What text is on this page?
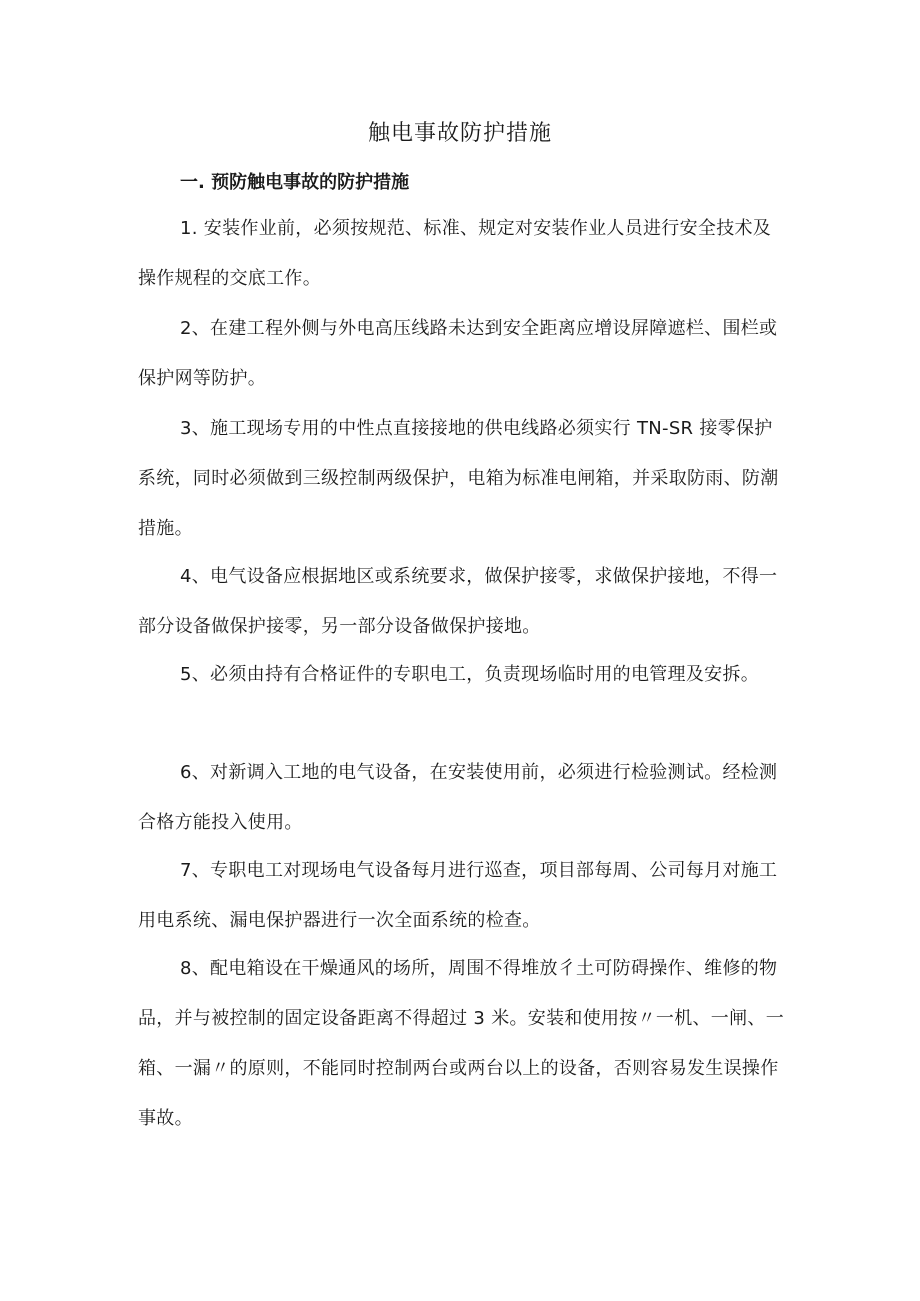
触电事故防护措施
一. 预防触电事故的防护措施

1. 安装作业前，必须按规范、标准、规定对安装作业人员进行安全技术及操作规程的交底工作。

2、在建工程外侧与外电高压线路未达到安全距离应增设屏障遮栏、围栏或保护网等防护。

3、施工现场专用的中性点直接接地的供电线路必须实行 TN-SR 接零保护系统，同时必须做到三级控制两级保护，电箱为标准电闸箱，并采取防雨、防潮措施。

4、电气设备应根据地区或系统要求，做保护接零，求做保护接地，不得一部分设备做保护接零，另一部分设备做保护接地。

5、必须由持有合格证件的专职电工，负责现场临时用的电管理及安拆。

6、对新调入工地的电气设备，在安装使用前，必须进行检验测试。经检测合格方能投入使用。

7、专职电工对现场电气设备每月进行巡查，项目部每周、公司每月对施工用电系统、漏电保护器进行一次全面系统的检查。

8、配电箱设在干燥通风的场所，周围不得堆放彳土可防碍操作、维修的物品，并与被控制的固定设备距离不得超过 3 米。安装和使用按〃一机、一闸、一箱、一漏〃的原则，不能同时控制两台或两台以上的设备，否则容易发生误操作事故。
